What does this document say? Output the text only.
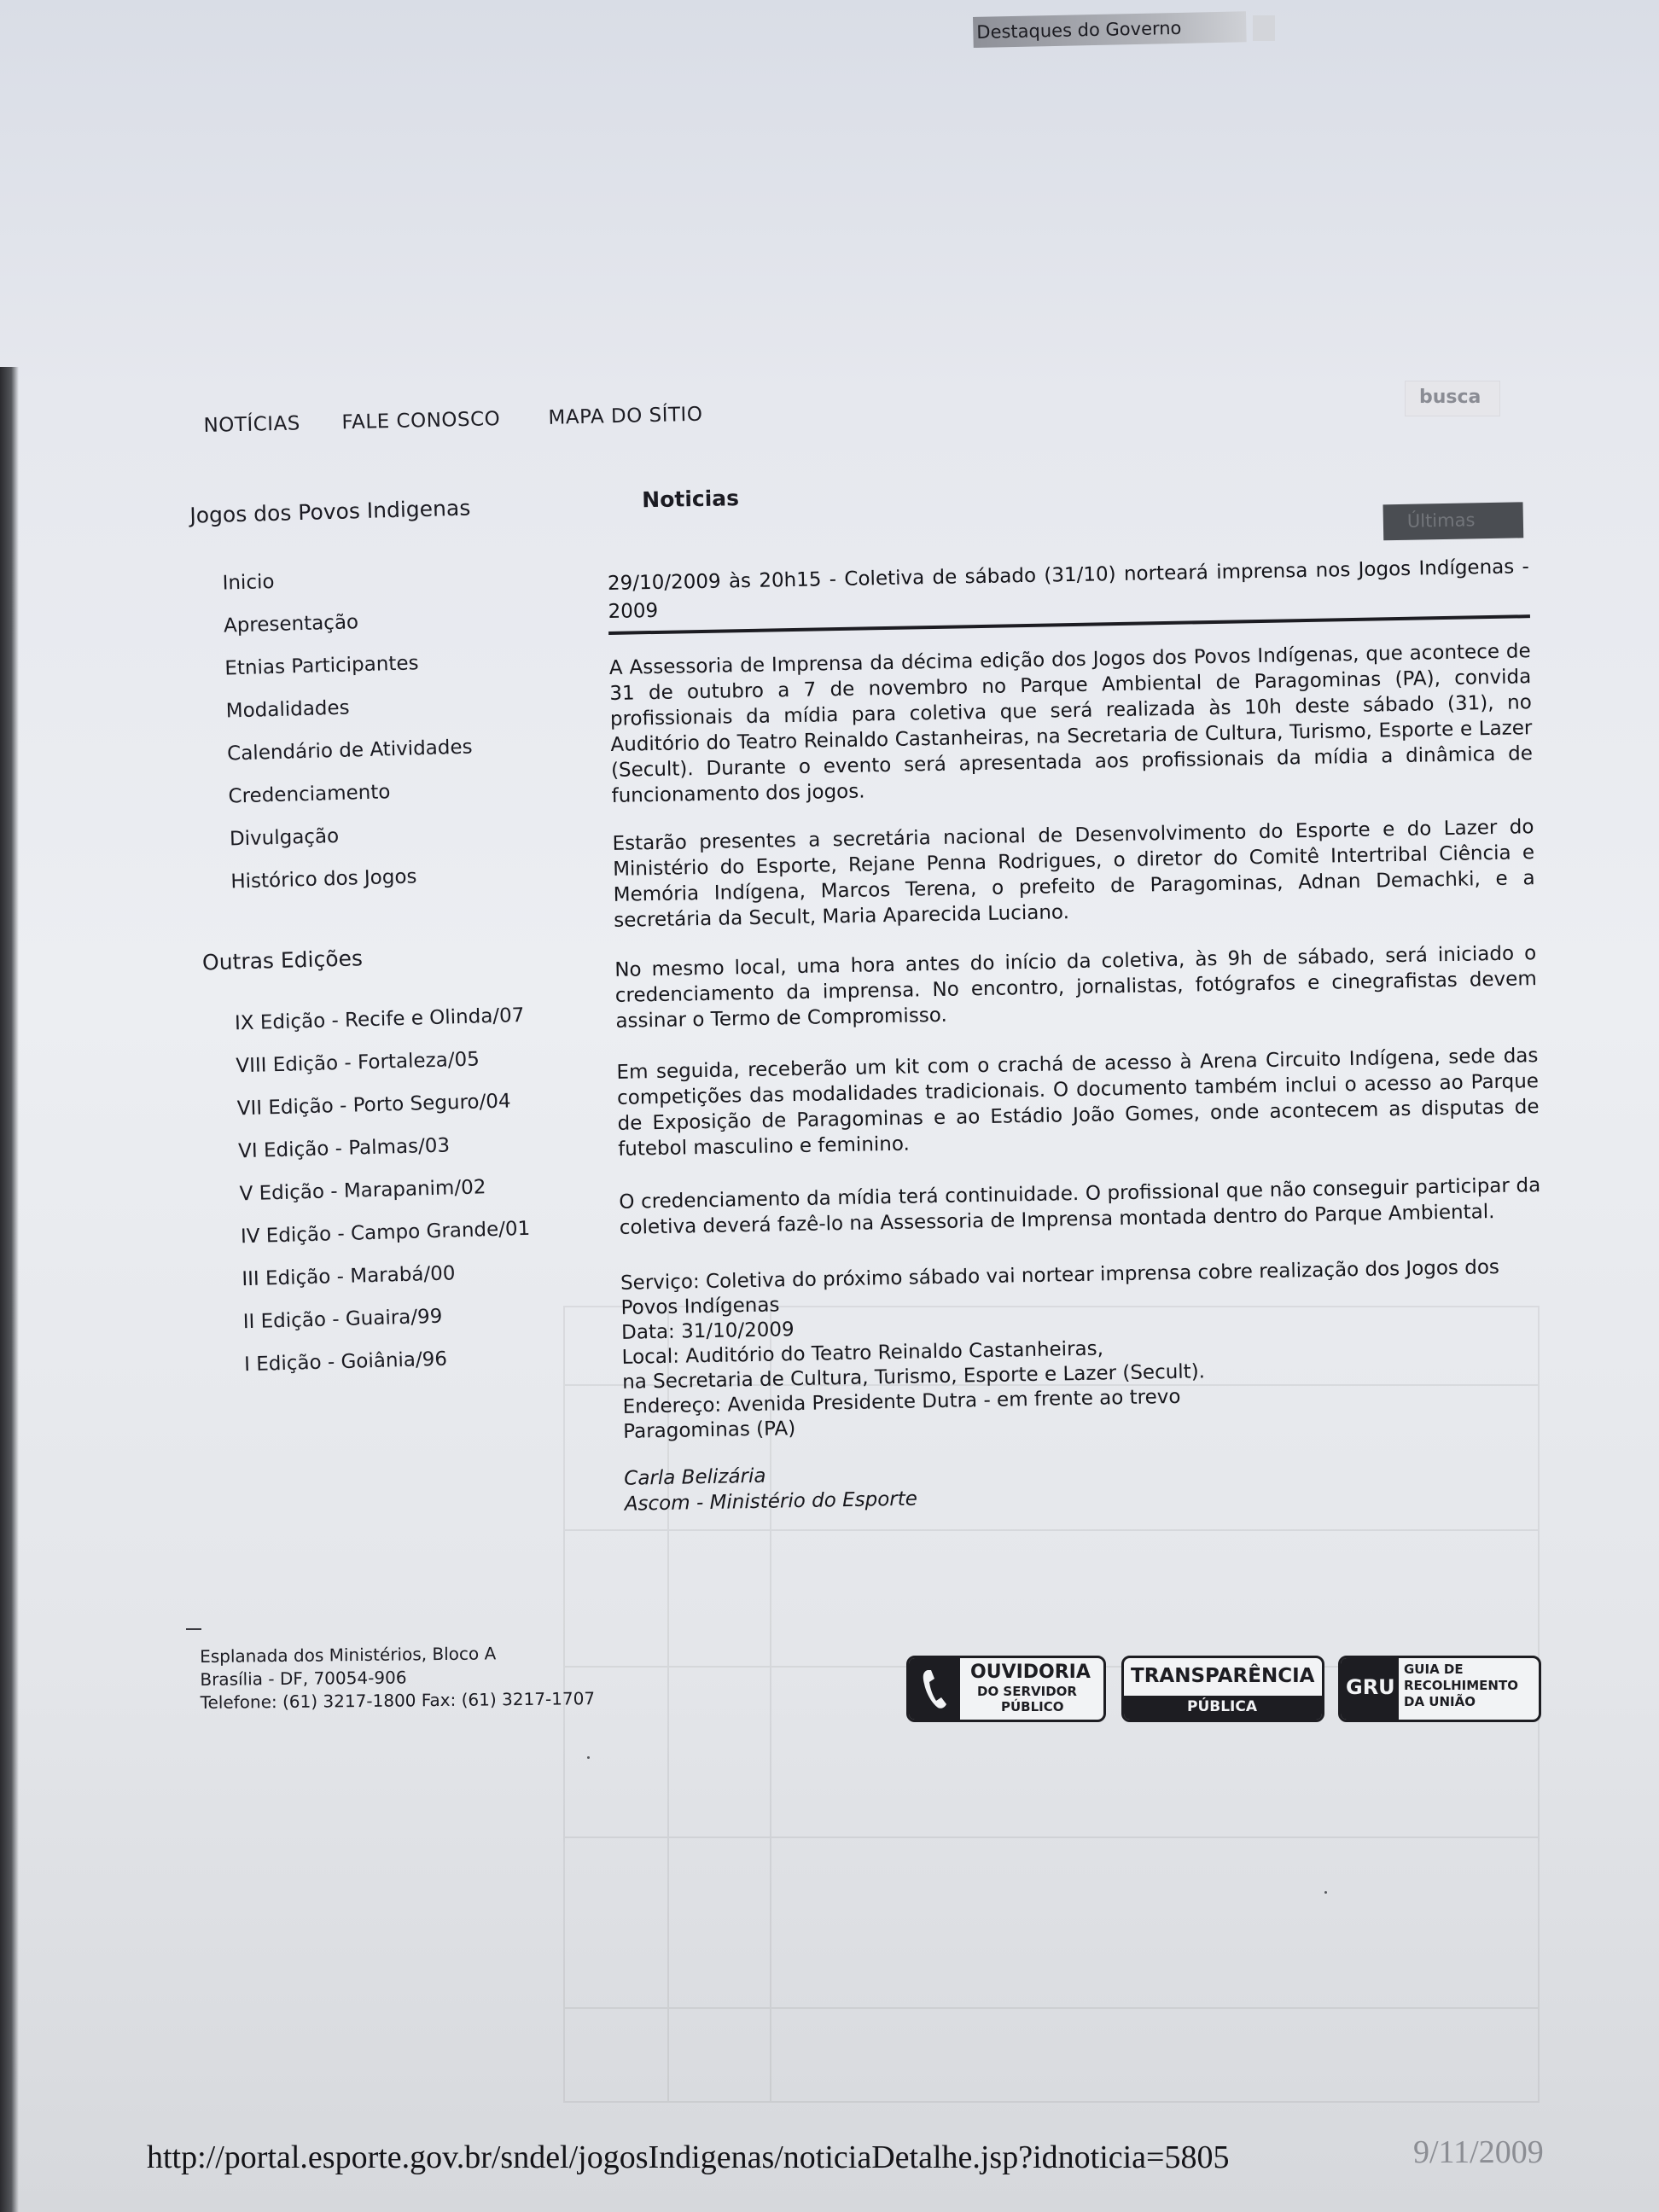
Destaques do Governo
NOTÍCIAS FALE CONOSCO MAPA DO SÍTIO
busca
Jogos dos Povos Indigenas
Inicio
Apresentação
Etnias Participantes
Modalidades
Calendário de Atividades
Credenciamento
Divulgação
Histórico dos Jogos
Outras Edições
IX Edição - Recife e Olinda/07
VIII Edição - Fortaleza/05
VII Edição - Porto Seguro/04
VI Edição - Palmas/03
V Edição - Marapanim/02
IV Edição - Campo Grande/01
III Edição - Marabá/00
II Edição - Guaira/99
I Edição - Goiânia/96
Noticias
Últimas
29/10/2009 às 20h15 - Coletiva de sábado (31/10) norteará imprensa nos Jogos Indígenas - 2009
A Assessoria de Imprensa da décima edição dos Jogos dos Povos Indígenas, que acontece de 31 de outubro a 7 de novembro no Parque Ambiental de Paragominas (PA), convida profissionais da mídia para coletiva que será realizada às 10h deste sábado (31), no Auditório do Teatro Reinaldo Castanheiras, na Secretaria de Cultura, Turismo, Esporte e Lazer (Secult). Durante o evento será apresentada aos profissionais da mídia a dinâmica de funcionamento dos jogos.
Estarão presentes a secretária nacional de Desenvolvimento do Esporte e do Lazer do Ministério do Esporte, Rejane Penna Rodrigues, o diretor do Comitê Intertribal Ciência e Memória Indígena, Marcos Terena, o prefeito de Paragominas, Adnan Demachki, e a secretária da Secult, Maria Aparecida Luciano.
No mesmo local, uma hora antes do início da coletiva, às 9h de sábado, será iniciado o credenciamento da imprensa. No encontro, jornalistas, fotógrafos e cinegrafistas devem assinar o Termo de Compromisso.
Em seguida, receberão um kit com o crachá de acesso à Arena Circuito Indígena, sede das competições das modalidades tradicionais. O documento também inclui o acesso ao Parque de Exposição de Paragominas e ao Estádio João Gomes, onde acontecem as disputas de futebol masculino e feminino.
O credenciamento da mídia terá continuidade. O profissional que não conseguir participar da coletiva deverá fazê-lo na Assessoria de Imprensa montada dentro do Parque Ambiental.
Serviço: Coletiva do próximo sábado vai nortear imprensa cobre realização dos Jogos dos
Povos Indígenas
Data: 31/10/2009
Local: Auditório do Teatro Reinaldo Castanheiras,
na Secretaria de Cultura, Turismo, Esporte e Lazer (Secult).
Endereço: Avenida Presidente Dutra - em frente ao trevo
Paragominas (PA)
Carla Belizária
Ascom - Ministério do Esporte
Esplanada dos Ministérios, Bloco A
Brasília - DF, 70054-906
Telefone: (61) 3217-1800 Fax: (61) 3217-1707
OUVIDORIA
DO SERVIDOR
PÚBLICO
TRANSPARÊNCIA
PÚBLICA
GRU
GUIA DE
RECOLHIMENTO
DA UNIÃO
http://portal.esporte.gov.br/sndel/jogosIndigenas/noticiaDetalhe.jsp?idnoticia=5805	9/11/2009
